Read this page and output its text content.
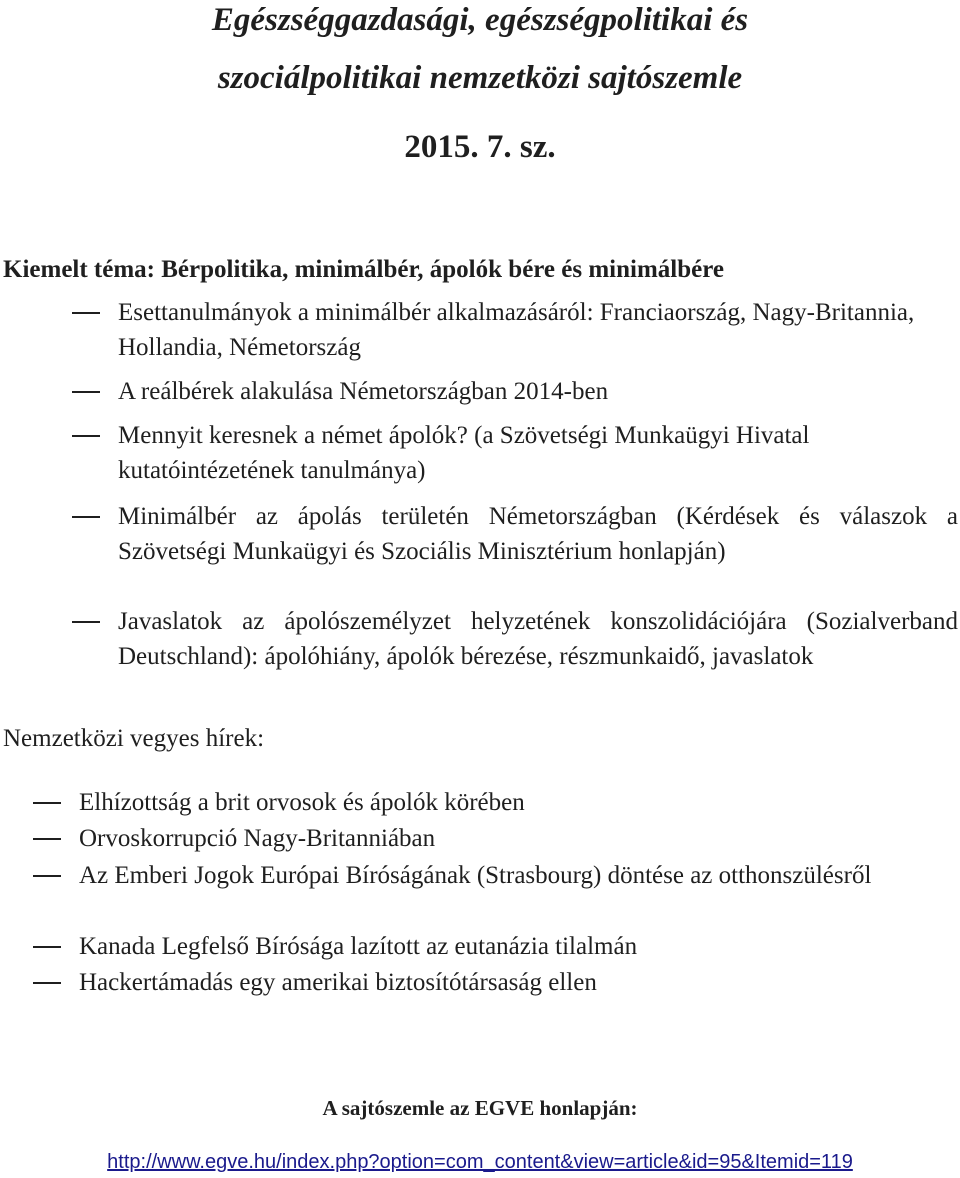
Egészséggazdasági, egészségpolitikai és
szociálpolitikai nemzetközi sajtószemle
2015. 7. sz.
Kiemelt téma: Bérpolitika, minimálbér, ápolók bére és minimálbére
Esettanulmányok a minimálbér alkalmazásáról: Franciaország, Nagy-Britannia, Hollandia, Németország
A reálbérek alakulása Németországban 2014-ben
Mennyit keresnek a német ápolók? (a Szövetségi Munkaügyi Hivatal kutatóintézetének tanulmánya)
Minimálbér az ápolás területén Németországban (Kérdések és válaszok a Szövetségi Munkaügyi és Szociális Minisztérium honlapján)
Javaslatok az ápolószemélyzet helyzetének konszolidációjára (Sozialverband Deutschland): ápolóhiány, ápolók bérezése, részmunkaidő, javaslatok
Nemzetközi vegyes hírek:
Elhízottság a brit orvosok és ápolók körében
Orvoskorrupció Nagy-Britanniában
Az Emberi Jogok Európai Bíróságának (Strasbourg) döntése az otthonszülésről
Kanada Legfelső Bírósága lazított az eutanázia tilalmán
Hackertámadás egy amerikai biztosítótársaság ellen
A sajtószemle az EGVE honlapján:
http://www.egve.hu/index.php?option=com_content&view=article&id=95&Itemid=119
